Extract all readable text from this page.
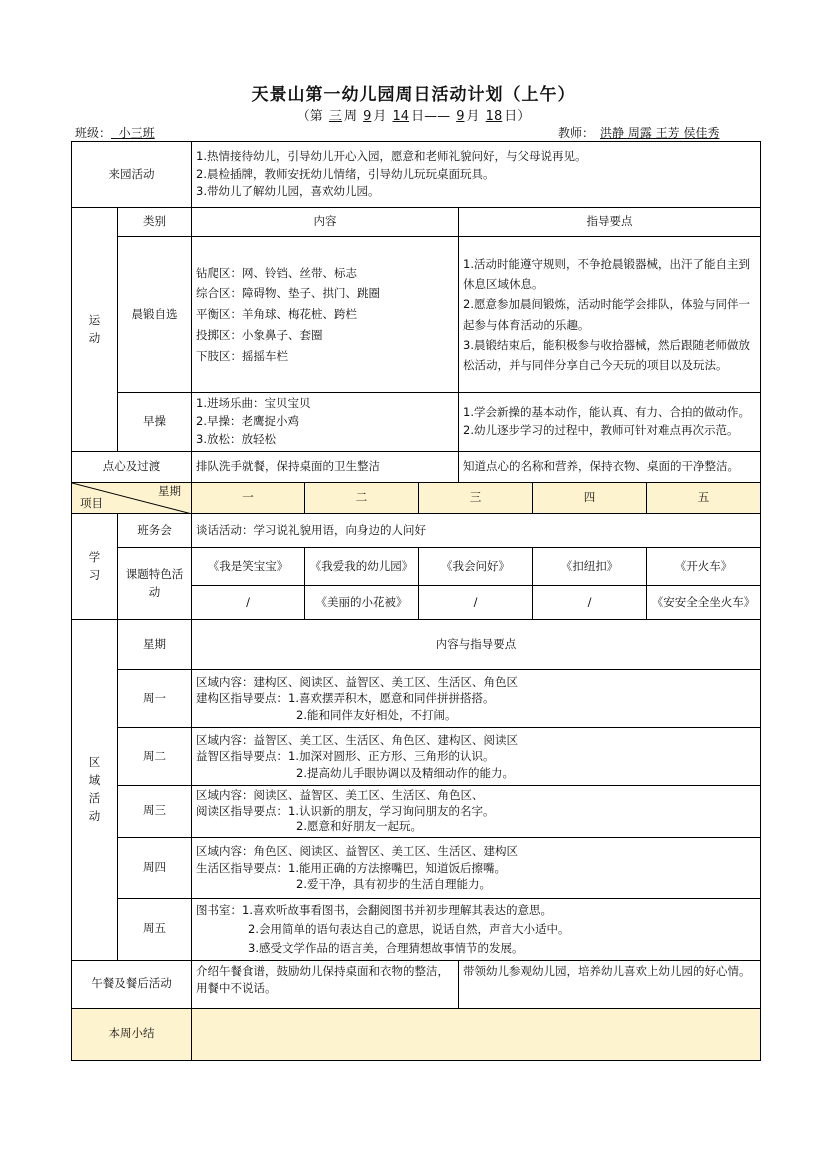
天景山第一幼儿园周日活动计划（上午）
（第 三 周 9 月 14 日—— 9 月 18 日）
班级： 小三班	教师： 洪静 周露 王芳 侯佳秀
来园活动		1.热情接待幼儿，引导幼儿开心入园，愿意和老师礼貌问好，与父母说再见。
2.晨检插牌，教师安抚幼儿情绪，引导幼儿玩玩桌面玩具。
3.带幼儿了解幼儿园，喜欢幼儿园。					

运
动	类别	内容			指导要点		
	晨锻自选	钻爬区：网、铃铛、丝带、标志
综合区：障碍物、垫子、拱门、跳圈
平衡区：羊角球、梅花桩、跨栏
投掷区：小象鼻子、套圈
下肢区：摇摇车栏			1.活动时能遵守规则，不争抢晨锻器械，出汗了能自主到休息区域休息。
2.愿意参加晨间锻炼，活动时能学会排队，体验与同伴一起参与体育活动的乐趣。
3.晨锻结束后，能积极参与收拾器械，然后跟随老师做放松活动，并与同伴分享自己今天玩的项目以及玩法。		

	早操	1.进场乐曲：宝贝宝贝
2.早操：老鹰捉小鸡
3.放松：放轻松			1.学会新操的基本动作，能认真、有力、合拍的做动作。
2.幼儿逐步学习的过程中，教师可针对难点再次示范。		

点心及过渡		排队洗手就餐，保持桌面的卫生整洁			知道点心的名称和营养，保持衣物、桌面的干净整洁。		

星期
项目		一	二	三		四	五
学
习	班务会	谈话活动：学习说礼貌用语，向身边的人问好					
	课题特色活动	《我是笑宝宝》	《我爱我的幼儿园》	《我会问好》		《扣纽扣》	《开火车》
		/	《美丽的小花被》	/		/	《安安全全坐火车》
区
域
活
动	星期	内容与指导要点					
	周一	区域内容：建构区、阅读区、益智区、美工区、生活区、角色区
建构区指导要点：1.喜欢摆弄积木，愿意和同伴拼拼搭搭。
2.能和同伴友好相处，不打闹。					

	周二	区域内容：益智区、美工区、生活区、角色区、建构区、阅读区
益智区指导要点：1.加深对圆形、正方形、三角形的认识。
2.提高幼儿手眼协调以及精细动作的能力。					

	周三	区域内容：阅读区、益智区、美工区、生活区、角色区、
阅读区指导要点：1.认识新的朋友，学习询问朋友的名字。
2.愿意和好朋友一起玩。					

	周四	区域内容：角色区、阅读区、益智区、美工区、生活区、建构区
生活区指导要点：1.能用正确的方法擦嘴巴，知道饭后擦嘴。
2.爱干净，具有初步的生活自理能力。					

	周五	图书室：1.喜欢听故事看图书，会翻阅图书并初步理解其表达的意思。
2.会用简单的语句表达自己的意思，说话自然，声音大小适中。
3.感受文学作品的语言美，合理猜想故事情节的发展。					

午餐及餐后活动		介绍午餐食谱，鼓励幼儿保持桌面和衣物的整洁，用餐中不说话。			带领幼儿参观幼儿园，培养幼儿喜欢上幼儿园的好心情。		
本周小结							
